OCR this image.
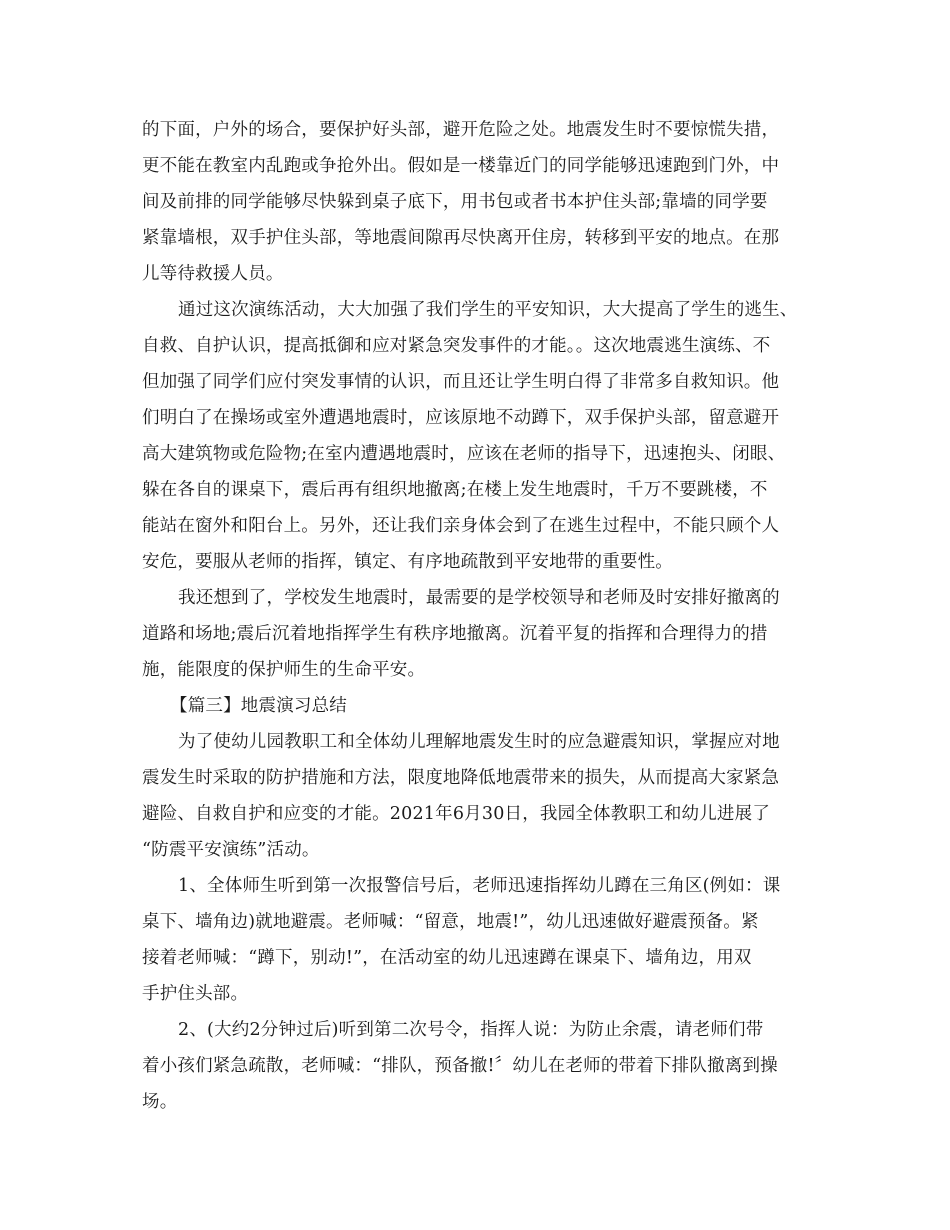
的下面，户外的场合，要保护好头部，避开危险之处。地震发生时不要惊慌失措，
更不能在教室内乱跑或争抢外出。假如是一楼靠近门的同学能够迅速跑到门外，中
间及前排的同学能够尽快躲到桌子底下，用书包或者书本护住头部;靠墙的同学要
紧靠墙根，双手护住头部，等地震间隙再尽快离开住房，转移到平安的地点。在那
儿等待救援人员。
通过这次演练活动，大大加强了我们学生的平安知识，大大提高了学生的逃生、
自救、自护认识，提高抵御和应对紧急突发事件的才能。。这次地震逃生演练、不
但加强了同学们应付突发事情的认识，而且还让学生明白得了非常多自救知识。他
们明白了在操场或室外遭遇地震时，应该原地不动蹲下，双手保护头部，留意避开
高大建筑物或危险物;在室内遭遇地震时，应该在老师的指导下，迅速抱头、闭眼、
躲在各自的课桌下，震后再有组织地撤离;在楼上发生地震时，千万不要跳楼，不
能站在窗外和阳台上。另外，还让我们亲身体会到了在逃生过程中，不能只顾个人
安危，要服从老师的指挥，镇定、有序地疏散到平安地带的重要性。
我还想到了，学校发生地震时，最需要的是学校领导和老师及时安排好撤离的
道路和场地;震后沉着地指挥学生有秩序地撤离。沉着平复的指挥和合理得力的措
施，能限度的保护师生的生命平安。
【篇三】地震演习总结
为了使幼儿园教职工和全体幼儿理解地震发生时的应急避震知识，掌握应对地
震发生时采取的防护措施和方法，限度地降低地震带来的损失，从而提高大家紧急
避险、自救自护和应变的才能。2021年6月30日，我园全体教职工和幼儿进展了
“防震平安演练”活动。
1、全体师生听到第一次报警信号后，老师迅速指挥幼儿蹲在三角区(例如：课
桌下、墙角边)就地避震。老师喊：“留意，地震!”，幼儿迅速做好避震预备。紧
接着老师喊：“蹲下，别动!”，在活动室的幼儿迅速蹲在课桌下、墙角边，用双
手护住头部。
2、(大约2分钟过后)听到第二次号令，指挥人说：为防止余震，请老师们带
着小孩们紧急疏散，老师喊：“排队，预备撤!〞幼儿在老师的带着下排队撤离到操
场。
